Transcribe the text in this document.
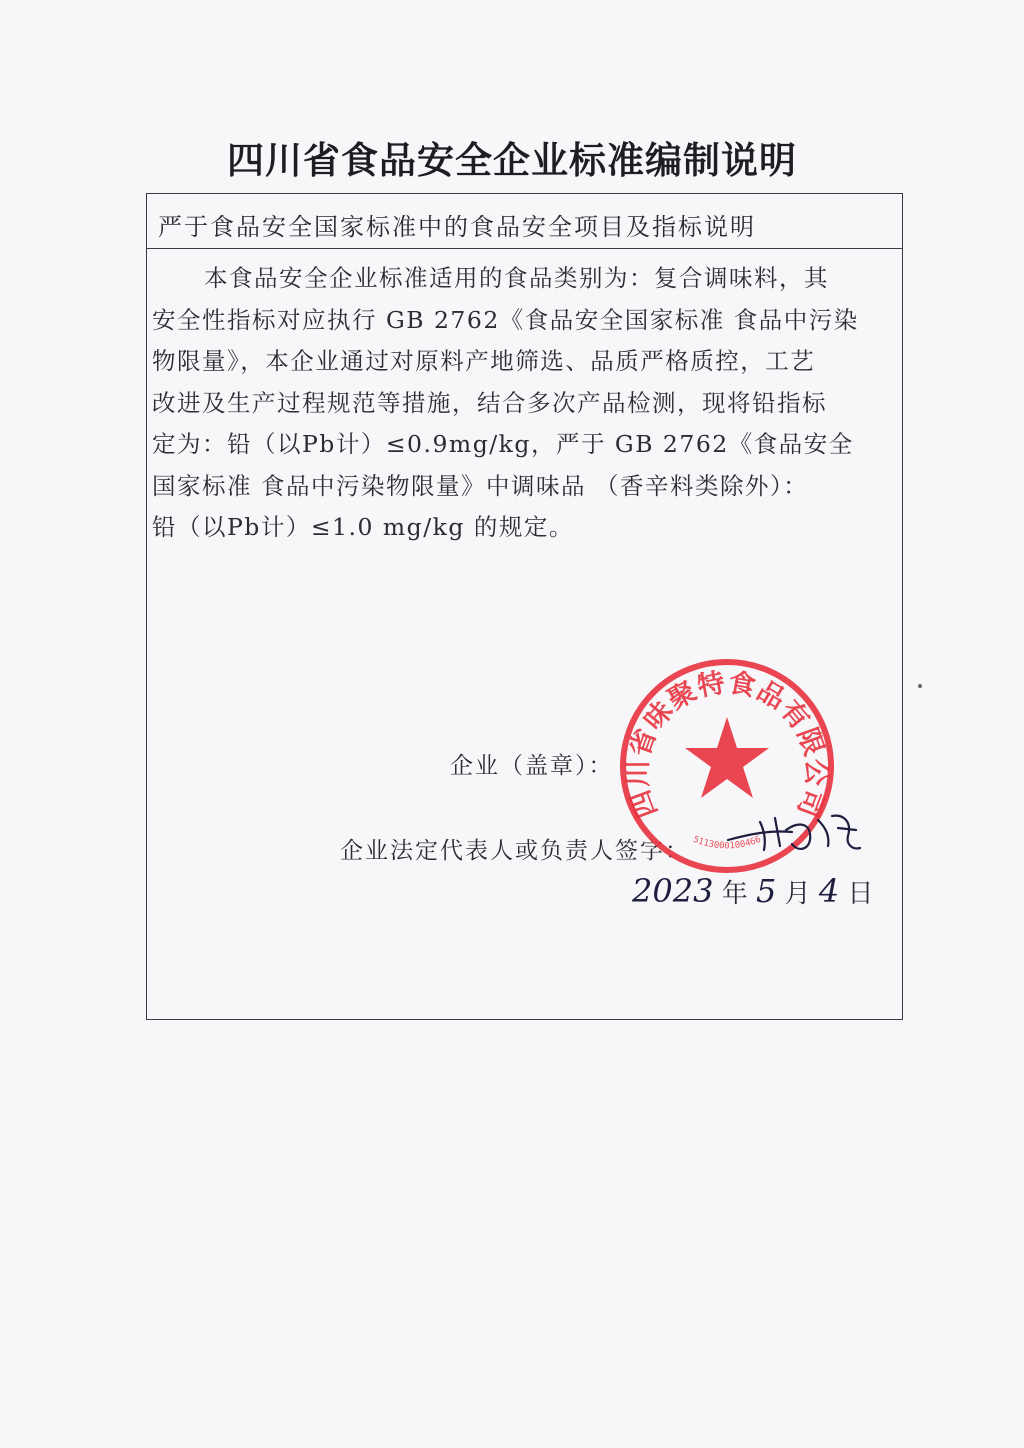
四川省食品安全企业标准编制说明
严于食品安全国家标准中的食品安全项目及指标说明

本食品安全企业标准适用的食品类别为：复合调味料，其
安全性指标对应执行 GB 2762《食品安全国家标准 食品中污染
物限量》，本企业通过对原料产地筛选、品质严格质控，工艺
改进及生产过程规范等措施，结合多次产品检测，现将铅指标
定为：铅（以Pb计）≤0.9mg/kg，严于 GB 2762《食品安全
国家标准 食品中污染物限量》中调味品 （香辛料类除外）：
铅（以Pb计）≤1.0 mg/kg 的规定。

企业（盖章）：
企业法定代表人或负责人签字：
四川省味聚特食品有限公司
5113000100466
2023 年 5 月 4 日
